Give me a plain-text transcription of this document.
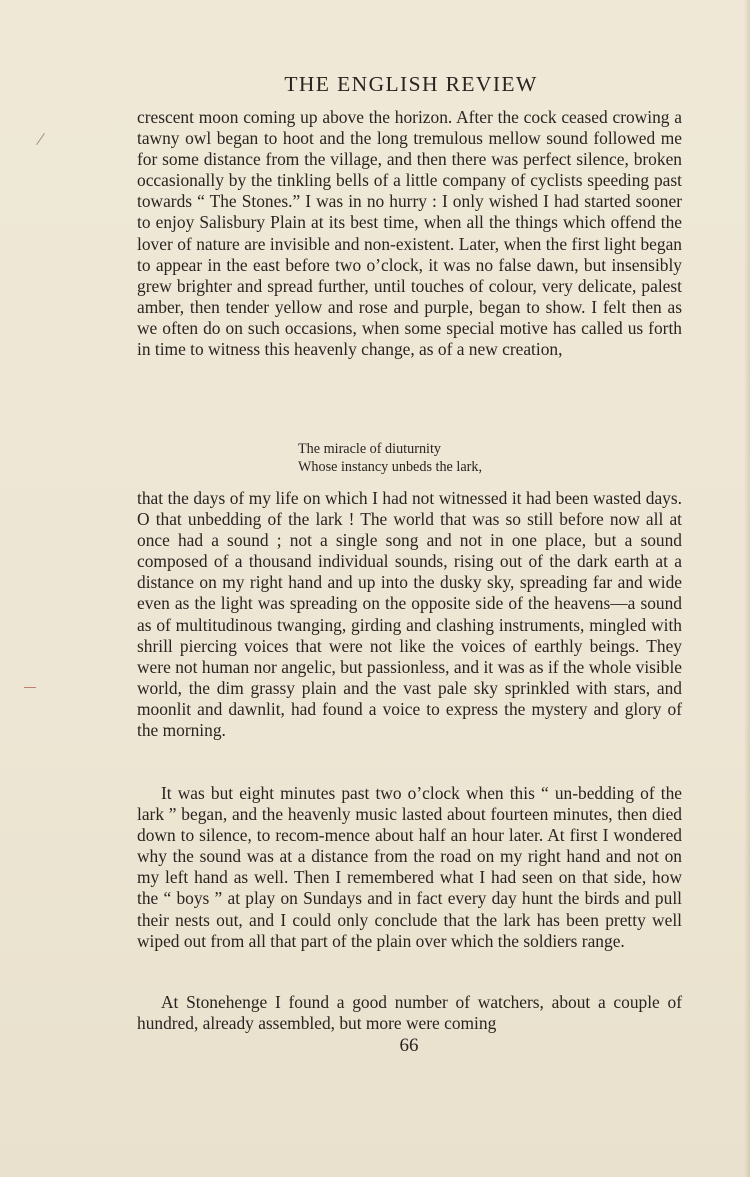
THE ENGLISH REVIEW

crescent moon coming up above the horizon. After the cock ceased crowing a tawny owl began to hoot and the long tremulous mellow sound followed me for some distance from the village, and then there was perfect silence, broken occasionally by the tinkling bells of a little company of cyclists speeding past towards “ The Stones.” I was in no hurry : I only wished I had started sooner to enjoy Salisbury Plain at its best time, when all the things which offend the lover of nature are invisible and non-existent. Later, when the first light began to appear in the east before two o’clock, it was no false dawn, but insensibly grew brighter and spread further, until touches of colour, very delicate, palest amber, then tender yellow and rose and purple, began to show. I felt then as we often do on such occasions, when some special motive has called us forth in time to witness this heavenly change, as of a new creation,

The miracle of diuturnity
Whose instancy unbeds the lark,

that the days of my life on which I had not witnessed it had been wasted days. O that unbedding of the lark ! The world that was so still before now all at once had a sound ; not a single song and not in one place, but a sound composed of a thousand individual sounds, rising out of the dark earth at a distance on my right hand and up into the dusky sky, spreading far and wide even as the light was spreading on the opposite side of the heavens—a sound as of multitudinous twanging, girding and clashing instruments, mingled with shrill piercing voices that were not like the voices of earthly beings. They were not human nor angelic, but passionless, and it was as if the whole visible world, the dim grassy plain and the vast pale sky sprinkled with stars, and moonlit and dawnlit, had found a voice to express the mystery and glory of the morning.

It was but eight minutes past two o’clock when this “ un-bedding of the lark ” began, and the heavenly music lasted about fourteen minutes, then died down to silence, to recom-mence about half an hour later. At first I wondered why the sound was at a distance from the road on my right hand and not on my left hand as well. Then I remembered what I had seen on that side, how the “ boys ” at play on Sundays and in fact every day hunt the birds and pull their nests out, and I could only conclude that the lark has been pretty well wiped out from all that part of the plain over which the soldiers range.

At Stonehenge I found a good number of watchers, about a couple of hundred, already assembled, but more were coming

66
